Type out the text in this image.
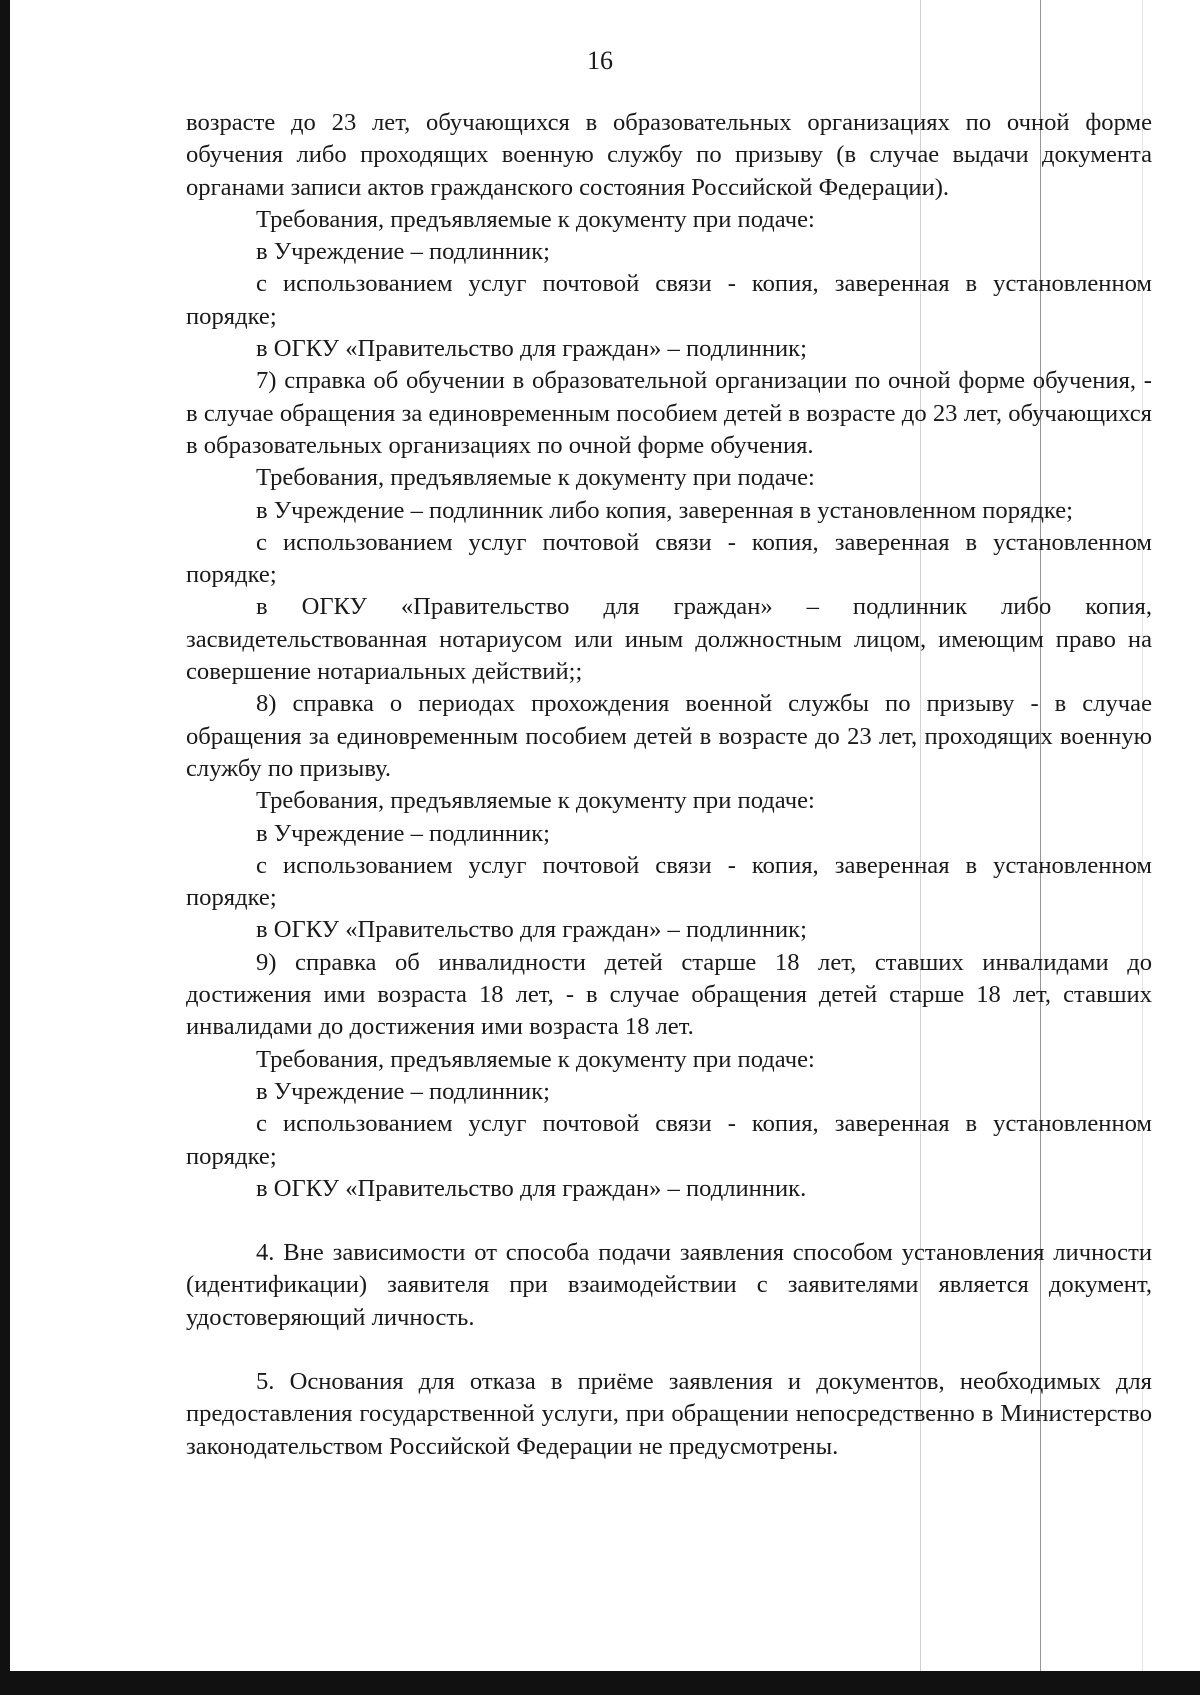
16

возрасте до 23 лет, обучающихся в образовательных организациях по очной форме обучения либо проходящих военную службу по призыву (в случае выдачи документа органами записи актов гражданского состояния Российской Федерации).

Требования, предъявляемые к документу при подаче:

в Учреждение – подлинник;

с использованием услуг почтовой связи - копия, заверенная в установленном порядке;

в ОГКУ «Правительство для граждан» – подлинник;

7) справка об обучении в образовательной организации по очной форме обучения, - в случае обращения за единовременным пособием детей в возрасте до 23 лет, обучающихся в образовательных организациях по очной форме обучения.

Требования, предъявляемые к документу при подаче:

в Учреждение – подлинник либо копия, заверенная в установленном порядке;

с использованием услуг почтовой связи - копия, заверенная в установленном порядке;

в ОГКУ «Правительство для граждан» – подлинник либо копия, засвидетельствованная нотариусом или иным должностным лицом, имеющим право на совершение нотариальных действий;;

8) справка о периодах прохождения военной службы по призыву - в случае обращения за единовременным пособием детей в возрасте до 23 лет, проходящих военную службу по призыву.

Требования, предъявляемые к документу при подаче:

в Учреждение – подлинник;

с использованием услуг почтовой связи - копия, заверенная в установленном порядке;

в ОГКУ «Правительство для граждан» – подлинник;

9) справка об инвалидности детей старше 18 лет, ставших инвалидами до достижения ими возраста 18 лет, - в случае обращения детей старше 18 лет, ставших инвалидами до достижения ими возраста 18 лет.

Требования, предъявляемые к документу при подаче:

в Учреждение – подлинник;

с использованием услуг почтовой связи - копия, заверенная в установленном порядке;

в ОГКУ «Правительство для граждан» – подлинник.

4. Вне зависимости от способа подачи заявления способом установления личности (идентификации) заявителя при взаимодействии с заявителями является документ, удостоверяющий личность.

5. Основания для отказа в приёме заявления и документов, необходимых для предоставления государственной услуги, при обращении непосредственно в Министерство законодательством Российской Федерации не предусмотрены.
